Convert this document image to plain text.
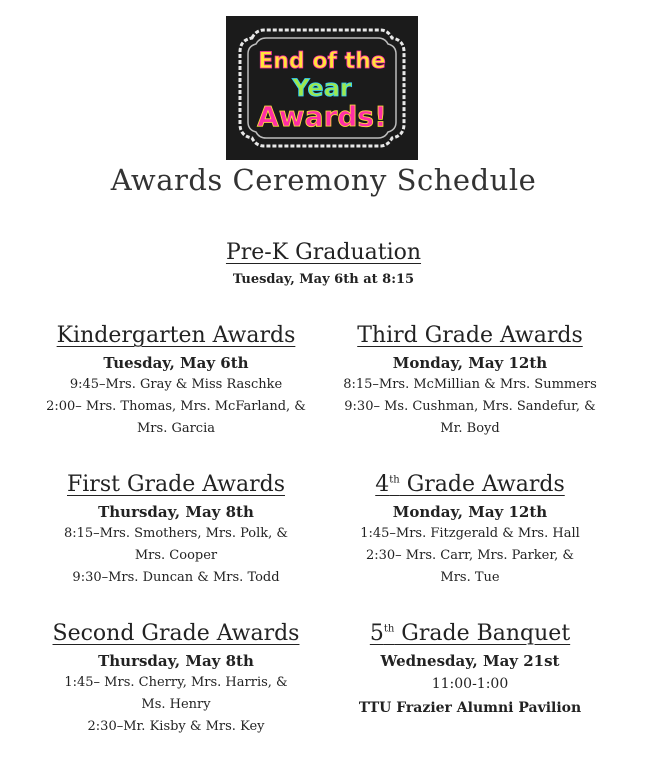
End of the
Year
Awards!
Awards Ceremony Schedule
Pre-K Graduation
Tuesday, May 6th at 8:15
Kindergarten Awards
Tuesday, May 6th
9:45–Mrs. Gray & Miss Raschke
2:00– Mrs. Thomas, Mrs. McFarland, &
Mrs. Garcia
Third Grade Awards
Monday, May 12th
8:15–Mrs. McMillian & Mrs. Summers
9:30– Ms. Cushman, Mrs. Sandefur, &
Mr. Boyd
First Grade Awards
Thursday, May 8th
8:15–Mrs. Smothers, Mrs. Polk, &
Mrs. Cooper
9:30–Mrs. Duncan & Mrs. Todd
4th Grade Awards
Monday, May 12th
1:45–Mrs. Fitzgerald & Mrs. Hall
2:30– Mrs. Carr, Mrs. Parker, &
Mrs. Tue
Second Grade Awards
Thursday, May 8th
1:45– Mrs. Cherry, Mrs. Harris, &
Ms. Henry
2:30–Mr. Kisby & Mrs. Key
5th Grade Banquet
Wednesday, May 21st
11:00-1:00
TTU Frazier Alumni Pavilion
